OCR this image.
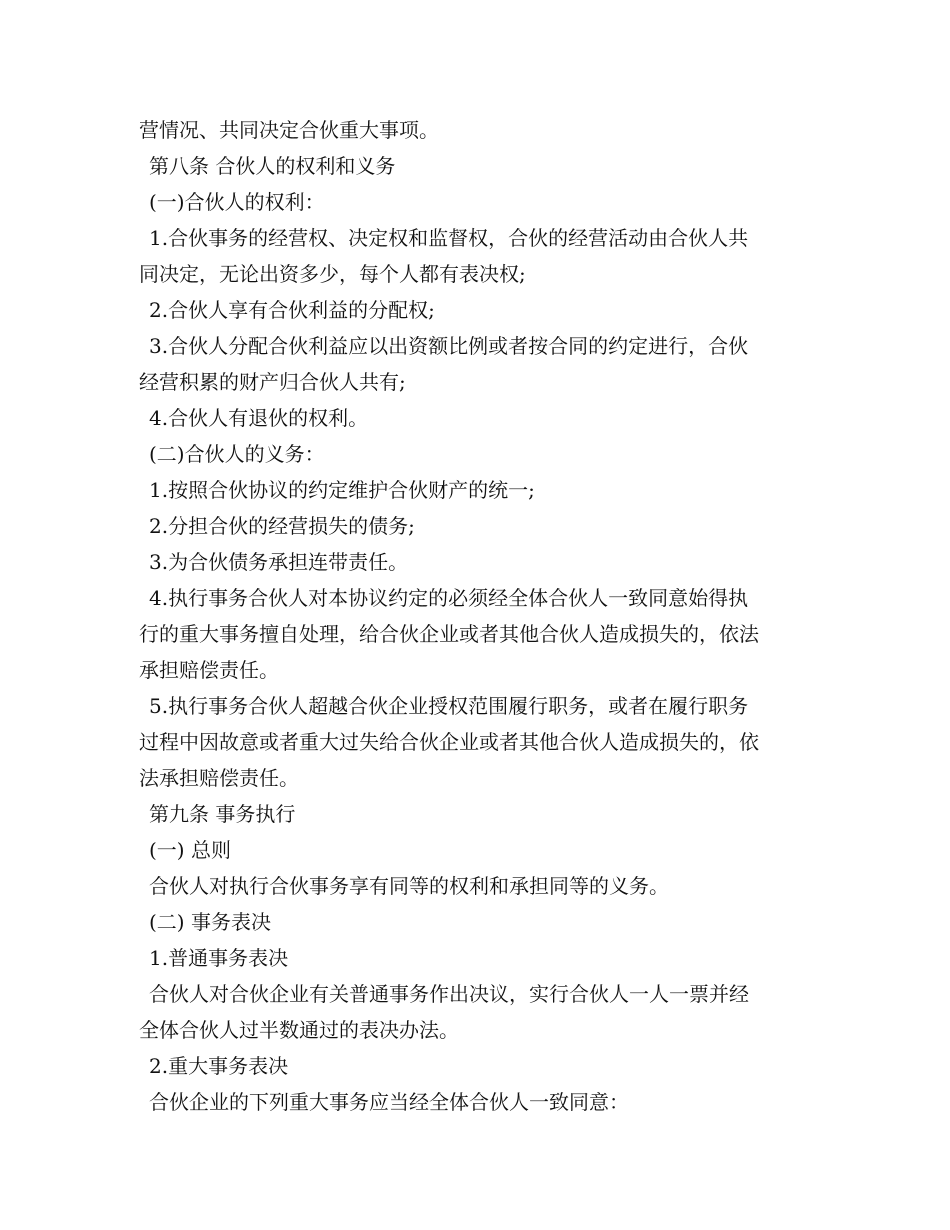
营情况、共同决定合伙重大事项。
第八条 合伙人的权利和义务
(一)合伙人的权利：
1.合伙事务的经营权、决定权和监督权，合伙的经营活动由合伙人共
同决定，无论出资多少，每个人都有表决权;
2.合伙人享有合伙利益的分配权;
3.合伙人分配合伙利益应以出资额比例或者按合同的约定进行，合伙
经营积累的财产归合伙人共有;
4.合伙人有退伙的权利。
(二)合伙人的义务：
1.按照合伙协议的约定维护合伙财产的统一;
2.分担合伙的经营损失的债务;
3.为合伙债务承担连带责任。
4.执行事务合伙人对本协议约定的必须经全体合伙人一致同意始得执
行的重大事务擅自处理，给合伙企业或者其他合伙人造成损失的，依法
承担赔偿责任。
5.执行事务合伙人超越合伙企业授权范围履行职务，或者在履行职务
过程中因故意或者重大过失给合伙企业或者其他合伙人造成损失的，依
法承担赔偿责任。
第九条 事务执行
(一) 总则
合伙人对执行合伙事务享有同等的权利和承担同等的义务。
(二) 事务表决
1.普通事务表决
合伙人对合伙企业有关普通事务作出决议，实行合伙人一人一票并经
全体合伙人过半数通过的表决办法。
2.重大事务表决
合伙企业的下列重大事务应当经全体合伙人一致同意：
